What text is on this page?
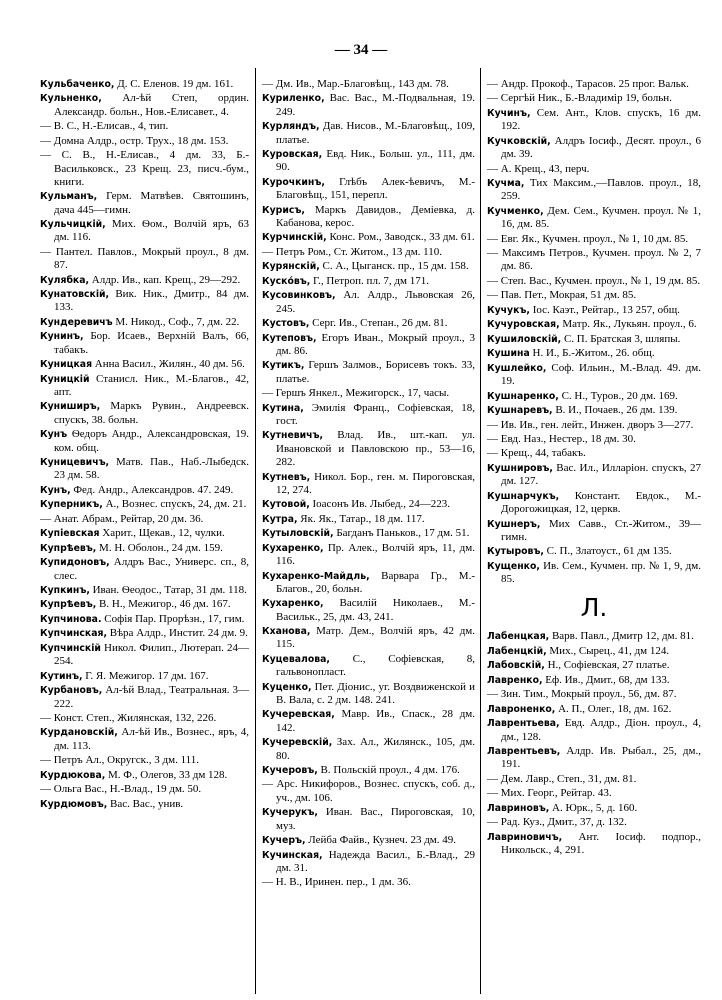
— 34 —
Кульбаченко, Д. С. Еленов. 19 дм. 161.
Кульненко, Ал-ѣй Степ, ордин. Александр. больн., Нов.-Елисавет., 4.
— В. С., Н.-Елисав., 4, тип.
— Домна Алдр., остр. Трух., 18 дм. 153.
— С. В., Н.-Елисав., 4 дм. 33, Б.-Васильковск., 23 Крещ. 23, писч.-бум., книги.
Кульманъ, Герм. Матвѣев. Святошинъ, дача 445—гимн.
Кульчицкій, Мих. Ѳом., Волчій яръ, 63 дм. 116.
— Пантел. Павлов., Мокрый проул., 8 дм. 87.
Кулябка, Алдр. Ив., кап. Крещ., 29—292.
Кунатовскій, Вик. Ник., Дмитр., 84 дм. 133.
Кундеревичъ М. Никод., Соф., 7, дм. 22.
Кунинъ, Бор. Исаев., Верхній Валъ, 66, табакъ.
Куницкая Анна Васил., Жилян., 40 дм. 56.
Куницкій Станисл. Ник., М.-Благов., 42, апт.
Куниширъ, Маркъ Рувин., Андреевск. спускъ, 38. больн.
Кунъ Ѳедоръ Андр., Александровская, 19. ком. общ.
Куницевичъ, Матв. Пав., Наб.-Лыбедск. 23 дм. 58.
Кунъ, Фед. Андр., Александров. 47. 249.
Куперникъ, А., Вознес. спускъ, 24, дм. 21.
— Анат. Абрам., Рейтар, 20 дм. 36.
Купіевская Харит., Щекав., 12, чулки.
Купрѣевъ, М. Н. Оболон., 24 дм. 159.
Купидоновъ, Алдръ Вас., Универс. сп., 8, слес.
Купкинъ, Иван. Ѳеодос., Татар, 31 дм. 118.
Купрѣевъ, В. Н., Межигор., 46 дм. 167.
Купчинова. Софія Пар. Прорѣзн., 17, гим.
Купчинская, Вѣра Алдр., Инстит. 24 дм. 9.
Купчинскій Никол. Филип., Лютерап. 24—254.
Кутинъ, Г. Я. Межигор. 17 дм. 167.
Курбановъ, Ал-ѣй Влад., Театральная. 3—222.
— Конст. Степ., Жилянская, 132, 226.
Курдановскій, Ал-ѣй Ив., Вознес., яръ, 4, дм. 113.
— Петръ Ал., Округск., 3 дм. 111.
Курдюкова, М. Ф., Олегов, 33 дм 128.
— Ольга Вас., Н.-Влад., 19 дм. 50.
Курдюмовъ, Вас. Вас., унив.
— Дм. Ив., Мар.-Благовѣщ., 143 дм. 78.
Куриленко, Вас. Вас., М.-Подвальная, 19. 249.
Курляндъ, Дав. Нисов., М.-Благовѣщ., 109, платье.
Куровская, Евд. Ник., Больш. ул., 111, дм. 90.
Курочкинъ, Глѣбъ Алек-ѣевичъ, М.-Благовѣщ., 151, перепл.
Курисъ, Маркъ Давидов., Деміевка, д. Кабанова, керос.
Курчинскій, Конс. Ром., Заводск., 33 дм. 61.
— Петръ Ром., Ст. Житом., 13 дм. 110.
Курянскій, С. А., Цыганск. пр., 15 дм. 158.
Куско́въ, Г., Петроп. пл. 7, дм 171.
Кусовинковъ, Ал. Алдр., Львовская 26, 245.
Кустовъ, Серг. Ив., Степан., 26 дм. 81.
Кутеповъ, Егоръ Иван., Мокрый проул., 3 дм. 86.
Кутикъ, Гершъ Залмов., Борисевъ токъ. 33, платье.
— Гершъ Янкел., Межигорск., 17, часы.
Кутина, Эмилія Франц., Софіевская, 18, гост.
Кутневичъ, Влад. Ив., шт.-кап. ул. Ивановской и Павловскою пр., 53—16, 282.
Кутневъ, Никол. Бор., ген. м. Пироговская, 12, 274.
Кутовой, Іоасонъ Ив. Лыбед., 24—223.
Кутра, Як. Як., Татар., 18 дм. 117.
Кутыловскій, Багданъ Паньков., 17 дм. 51.
Кухаренко, Пр. Алек., Волчій яръ, 11, дм. 116.
Кухаренко-Майдль, Варвара Гр., М.-Благов., 20, больн.
Кухаренко, Василій Николаев., М.-Васильк., 25, дм. 43, 241.
Кханова, Матр. Дем., Волчій яръ, 42 дм. 115.
Куцевалова, С., Софіевская, 8, гальвонопласт.
Куценко, Пет. Діонис., уг. Воздвиженской и В. Вала, с. 2 дм. 148. 241.
Кучеревская, Мавр. Ив., Спаск., 28 дм. 142.
Кучеревскій, Зах. Ал., Жилянск., 105, дм. 80.
Кучеровъ, В. Польскій проул., 4 дм. 176.
— Арс. Никифоров., Вознес. спускъ, соб. д., уч., дм. 106.
Кучерукъ, Иван. Вас., Пироговская, 10, муз.
Кучеръ, Лейба Файв., Кузнеч. 23 дм. 49.
Кучинская, Надежда Васил., Б.-Влад., 29 дм. 31.
— Н. В., Иринен. пер., 1 дм. 36.
— Андр. Прокоф., Тарасов. 25 прог. Вальк.
— Сергѣй Ник., Б.-Владимір 19, больн.
Кучинъ, Сем. Ант., Клов. спускъ, 16 дм. 192.
Кучковскій, Алдръ Іосиф., Десят. проул., 6 дм. 39.
— А. Крещ., 43, перч.
Кучма, Тих Максим.,—Павлов. проул., 18, 259.
Кучменко, Дем. Сем., Кучмен. проул. № 1, 16, дм. 85.
— Евг. Як., Кучмен. проул., № 1, 10 дм. 85.
— Максимъ Петров., Кучмен. проул. № 2, 7 дм. 86.
— Степ. Вас., Кучмен. проул., № 1, 19 дм. 85.
— Пав. Пет., Мокрая, 51 дм. 85.
Кучукъ, Іос. Каэт., Рейтар., 13 257, общ.
Кучуровская, Матр. Як., Лукьян. проул., 6.
Кушиловскій, С. П. Братская 3, шляпы.
Кушина Н. И., Б.-Житом., 26. общ.
Кушлейко, Соф. Ильин., М.-Влад. 49. дм. 19.
Кушнаренко, С. Н., Туров., 20 дм. 169.
Кушнаревъ, В. И., Почаев., 26 дм. 139.
— Ив. Ив., ген. лейт., Инжен. дворъ 3—277.
— Евд. Наз., Нестер., 18 дм. 30.
— Крещ., 44, табакъ.
Кушнировъ, Вас. Ил., Илларіон. спускъ, 27 дм. 127.
Кушнарчукъ, Констант. Евдок., М.-Дорогожицкая, 12, церкв.
Кушнеръ, Мих Савв., Ст.-Житом., 39—гимн.
Кутыровъ, С. П., Златоуст., 61 дм 135.
Кущенко, Ив. Сем., Кучмен. пр. № 1, 9, дм. 85.
Л.
Лабенцкая, Варв. Павл., Дмитр 12, дм. 81.
Лабенцкій, Мих., Сырец., 41, дм 124.
Лабовскій, Н., Софіевская, 27 платье.
Лавренко, Еф. Ив., Дмит., 68, дм 133.
— Зин. Тим., Мокрый проул., 56, дм. 87.
Лавроненко, А. П., Олег., 18, дм. 162.
Лаврентьева, Евд. Алдр., Діон. проул., 4, дм., 128.
Лаврентьевъ, Алдр. Ив. Рыбал., 25, дм., 191.
— Дем. Лавр., Степ., 31, дм. 81.
— Мих. Георг., Рейтар. 43.
Лавриновъ, А. Юрк., 5, д. 160.
— Рад. Куз., Дмит., 37, д. 132.
Лавриновичъ, Ант. Іосиф. подпор., Никольск., 4, 291.
